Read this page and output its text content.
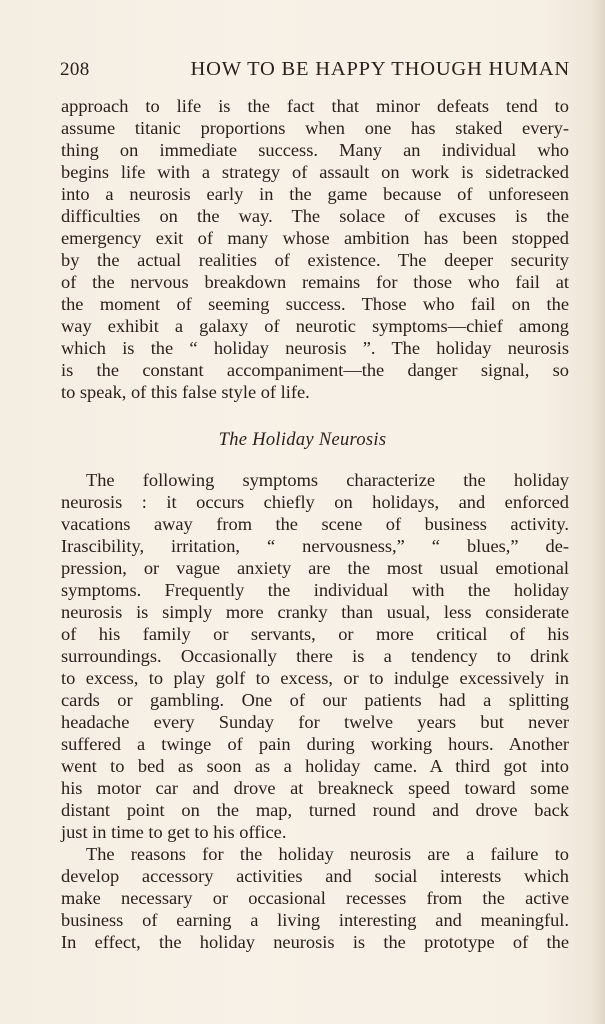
208	HOW TO BE HAPPY THOUGH HUMAN
approach to life is the fact that minor defeats tend to
assume titanic proportions when one has staked every-
thing on immediate success. Many an individual who
begins life with a strategy of assault on work is sidetracked
into a neurosis early in the game because of unforeseen
difficulties on the way. The solace of excuses is the
emergency exit of many whose ambition has been stopped
by the actual realities of existence. The deeper security
of the nervous breakdown remains for those who fail at
the moment of seeming success. Those who fail on the
way exhibit a galaxy of neurotic symptoms—chief among
which is the “ holiday neurosis ”. The holiday neurosis
is the constant accompaniment—the danger signal, so
to speak, of this false style of life.
The Holiday Neurosis
The following symptoms characterize the holiday
neurosis : it occurs chiefly on holidays, and enforced
vacations away from the scene of business activity.
Irascibility, irritation, “ nervousness,” “ blues,” de-
pression, or vague anxiety are the most usual emotional
symptoms. Frequently the individual with the holiday
neurosis is simply more cranky than usual, less considerate
of his family or servants, or more critical of his
surroundings. Occasionally there is a tendency to drink
to excess, to play golf to excess, or to indulge excessively in
cards or gambling. One of our patients had a splitting
headache every Sunday for twelve years but never
suffered a twinge of pain during working hours. Another
went to bed as soon as a holiday came. A third got into
his motor car and drove at breakneck speed toward some
distant point on the map, turned round and drove back
just in time to get to his office.
The reasons for the holiday neurosis are a failure to
develop accessory activities and social interests which
make necessary or occasional recesses from the active
business of earning a living interesting and meaningful.
In effect, the holiday neurosis is the prototype of the
